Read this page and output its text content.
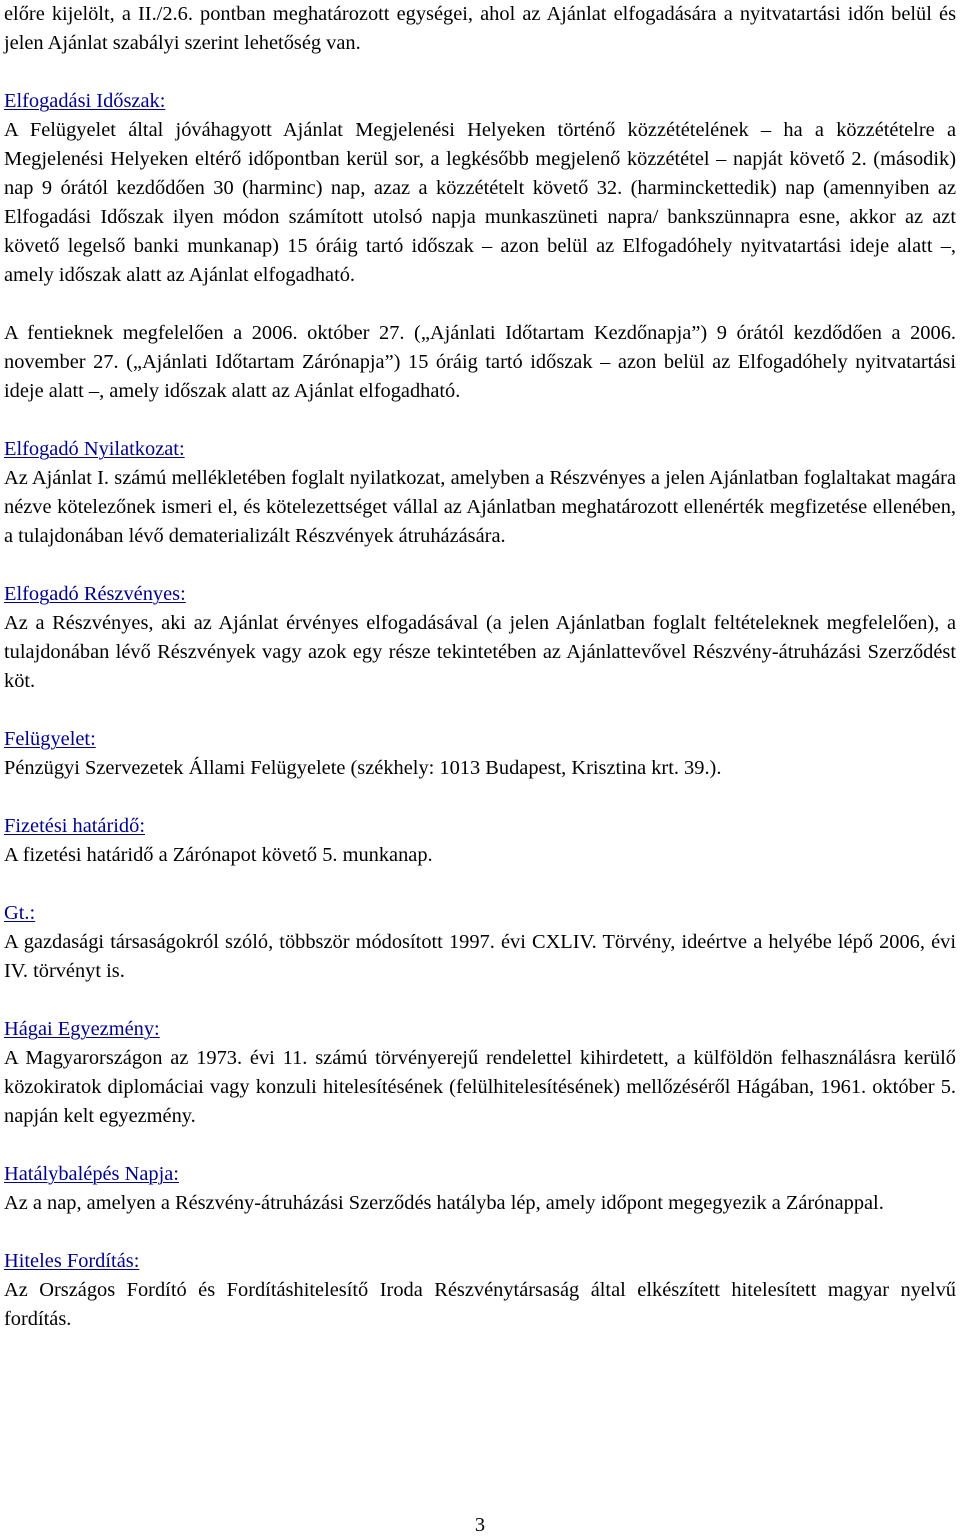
előre kijelölt, a II./2.6. pontban meghatározott egységei, ahol az Ajánlat elfogadására a nyitvatartási időn belül és jelen Ajánlat szabályi szerint lehetőség van.

Elfogadási Időszak:

A Felügyelet által jóváhagyott Ajánlat Megjelenési Helyeken történő közzétételének – ha a közzétételre a Megjelenési Helyeken eltérő időpontban kerül sor, a legkésőbb megjelenő közzététel – napját követő 2. (második) nap 9 órától kezdődően 30 (harminc) nap, azaz a közzétételt követő 32. (harminckettedik) nap (amennyiben az Elfogadási Időszak ilyen módon számított utolsó napja munkaszüneti napra/ bankszünnapra esne, akkor az azt követő legelső banki munkanap) 15 óráig tartó időszak – azon belül az Elfogadóhely nyitvatartási ideje alatt –, amely időszak alatt az Ajánlat elfogadható.

A fentieknek megfelelően a 2006. október 27. („Ajánlati Időtartam Kezdőnapja”) 9 órától kezdődően a 2006. november 27. („Ajánlati Időtartam Zárónapja”) 15 óráig tartó időszak – azon belül az Elfogadóhely nyitvatartási ideje alatt –, amely időszak alatt az Ajánlat elfogadható.

Elfogadó Nyilatkozat:

Az Ajánlat I. számú mellékletében foglalt nyilatkozat, amelyben a Részvényes a jelen Ajánlatban foglaltakat magára nézve kötelezőnek ismeri el, és kötelezettséget vállal az Ajánlatban meghatározott ellenérték megfizetése ellenében, a tulajdonában lévő dematerializált Részvények átruházására.

Elfogadó Részvényes:

Az a Részvényes, aki az Ajánlat érvényes elfogadásával (a jelen Ajánlatban foglalt feltételeknek megfelelően), a tulajdonában lévő Részvények vagy azok egy része tekintetében az Ajánlattevővel Részvény-átruházási Szerződést köt.

Felügyelet:

Pénzügyi Szervezetek Állami Felügyelete (székhely: 1013 Budapest, Krisztina krt. 39.).

Fizetési határidő:

A fizetési határidő a Zárónapot követő 5. munkanap.

Gt.:

A gazdasági társaságokról szóló, többször módosított 1997. évi CXLIV. Törvény, ideértve a helyébe lépő 2006, évi IV. törvényt is.

Hágai Egyezmény:

A Magyarországon az 1973. évi 11. számú törvényerejű rendelettel kihirdetett, a külföldön felhasználásra kerülő közokiratok diplomáciai vagy konzuli hitelesítésének (felülhitelesítésének) mellőzéséről Hágában, 1961. október 5. napján kelt egyezmény.

Hatálybalépés Napja:

Az a nap, amelyen a Részvény-átruházási Szerződés hatályba lép, amely időpont megegyezik a Zárónappal.

Hiteles Fordítás:

Az Országos Fordító és Fordításhitelesítő Iroda Részvénytársaság által elkészített hitelesített magyar nyelvű fordítás.

3
